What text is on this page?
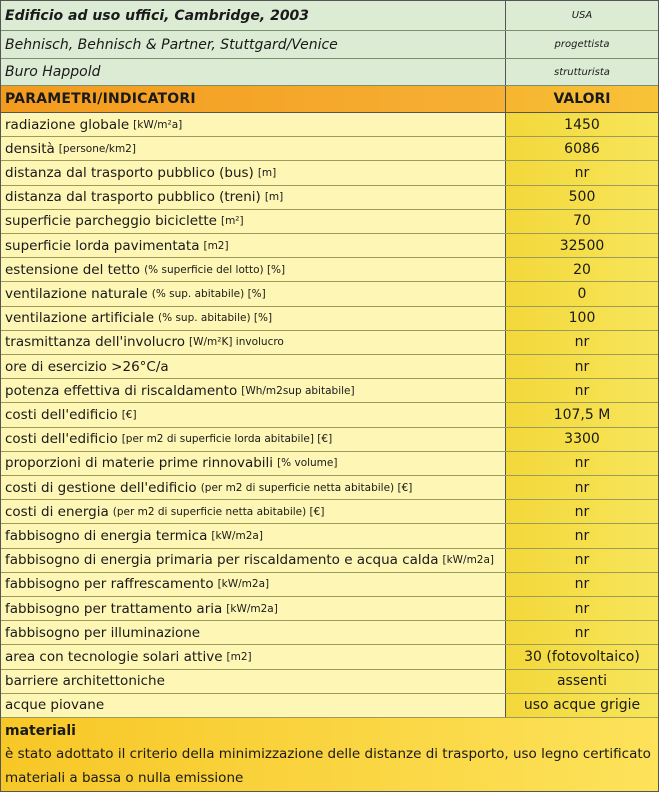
Edificio ad uso uffici, Cambridge, 2003	USA
Behnisch, Behnisch & Partner, Stuttgard/Venice	progettista
Buro Happold	strutturista
PARAMETRI/INDICATORI	VALORI
radiazione globale [kW/m²a]	1450
densità [persone/km2]	6086
distanza dal trasporto pubblico (bus) [m]	nr
distanza dal trasporto pubblico (treni) [m]	500
superficie parcheggio biciclette [m²]	70
superficie lorda pavimentata [m2]	32500
estensione del tetto (% superficie del lotto) [%]	20
ventilazione naturale (% sup. abitabile) [%]	0
ventilazione artificiale (% sup. abitabile) [%]	100
trasmittanza dell'involucro [W/m²K] involucro	nr
ore di esercizio >26°C/a	nr
potenza effettiva di riscaldamento [Wh/m2sup abitabile]	nr
costi dell'edificio [€]	107,5 M
costi dell'edificio [per m2 di superficie lorda abitabile] [€]	3300
proporzioni di materie prime rinnovabili [% volume]	nr
costi di gestione dell'edificio (per m2 di superficie netta abitabile) [€]	nr
costi di energia (per m2 di superficie netta abitabile) [€]	nr
fabbisogno di energia termica [kW/m2a]	nr
fabbisogno di energia primaria per riscaldamento e acqua calda [kW/m2a]	nr
fabbisogno per raffrescamento [kW/m2a]	nr
fabbisogno per trattamento aria [kW/m2a]	nr
fabbisogno per illuminazione	nr
area con tecnologie solari attive [m2]	30 (fotovoltaico)
barriere architettoniche	assenti
acque piovane	uso acque grigie
materiali
è stato adottato il criterio della minimizzazione delle distanze di trasporto, uso legno certificato
materiali a bassa o nulla emissione
